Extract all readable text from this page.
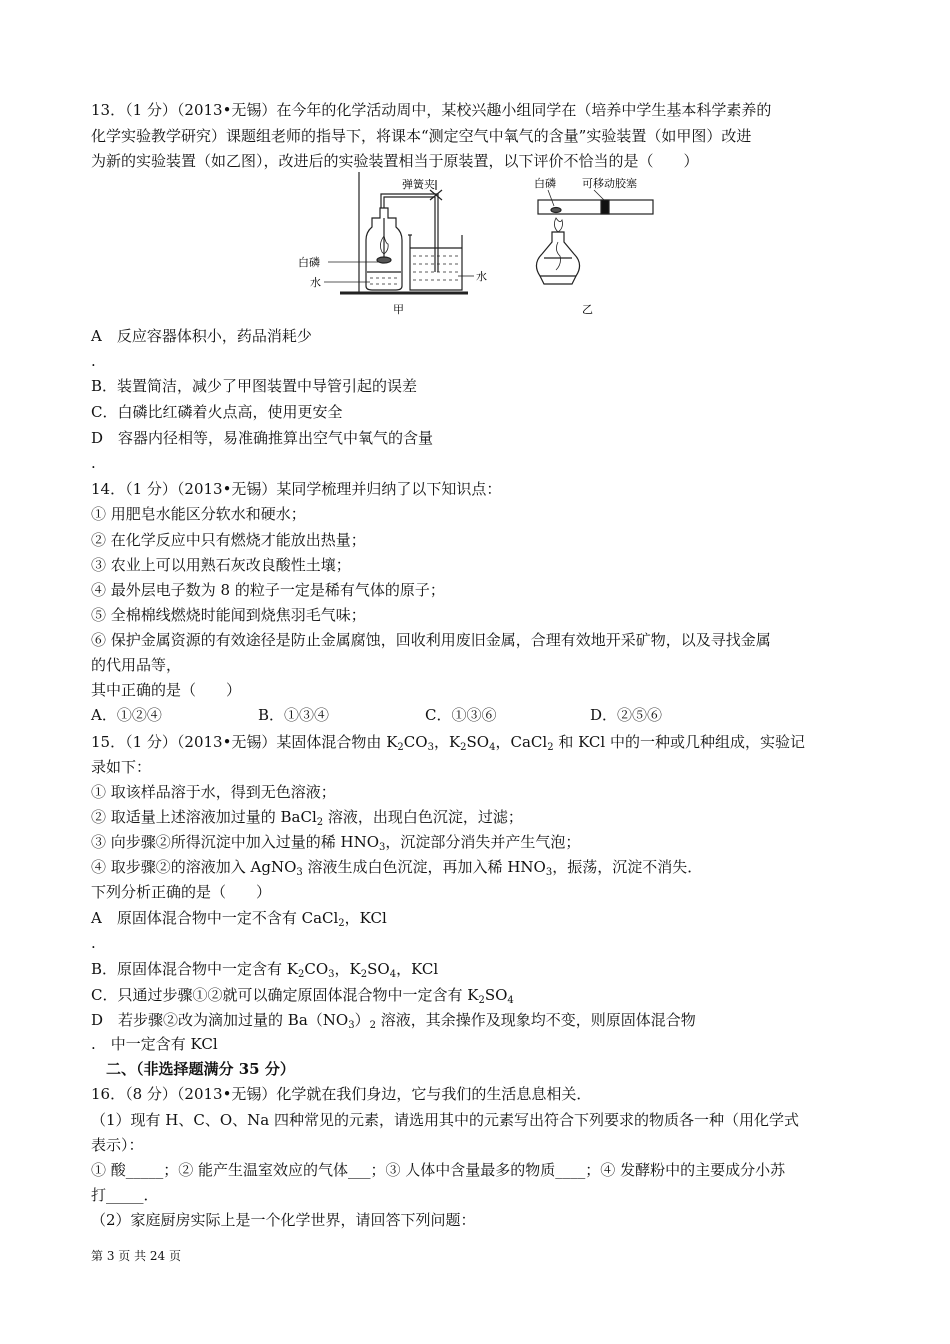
13．（1 分）（2013•无锡）在今年的化学活动周中，某校兴趣小组同学在（培养中学生基本科学素养的
化学实验教学研究）课题组老师的指导下，将课本“测定空气中氧气的含量”实验装置（如甲图）改进
为新的实验装置（如乙图），改进后的实验装置相当于原装置，以下评价不恰当的是（　　）
弹簧夹
白磷
水	水
甲
白磷 可移动胶塞
乙
A　反应容器体积小，药品消耗少
.
B．装置简洁，减少了甲图装置中导管引起的误差
C．白磷比红磷着火点高，使用更安全
D　容器内径相等，易准确推算出空气中氧气的含量
.
14．（1 分）（2013•无锡）某同学梳理并归纳了以下知识点：
① 用肥皂水能区分软水和硬水；
② 在化学反应中只有燃烧才能放出热量；
③ 农业上可以用熟石灰改良酸性土壤；
④ 最外层电子数为 8 的粒子一定是稀有气体的原子；
⑤ 全棉棉线燃烧时能闻到烧焦羽毛气味；
⑥ 保护金属资源的有效途径是防止金属腐蚀，回收利用废旧金属，合理有效地开采矿物，以及寻找金属
的代用品等，
其中正确的是（　　）
A．①②④	B．①③④	C．①③⑥	D．②⑤⑥
15．（1 分）（2013•无锡）某固体混合物由 $K_2CO_3$，$K_2SO_4$，CaCl$_2$ 和 KCl 中的一种或几种组成，实验记
录如下：
① 取该样品溶于水，得到无色溶液；
② 取适量上述溶液加过量的 BaCl$_2$ 溶液，出现白色沉淀，过滤；
③ 向步骤②所得沉淀中加入过量的稀 $HNO_3$，沉淀部分消失并产生气泡；
④ 取步骤②的溶液加入 AgNO$_3$ 溶液生成白色沉淀，再加入稀 $HNO_3$，振荡，沉淀不消失．
下列分析正确的是（　　）
A　原固体混合物中一定不含有 CaCl$_2$，KCl
.
B．原固体混合物中一定含有 $K_2CO_3$，$K_2SO_4$，KCl
C．只通过步骤①②就可以确定原固体混合物中一定含有 $K_2SO_4$
D　若步骤②改为滴加过量的 $Ba(NO_3)_2$ 溶液，其余操作及现象均不变，则原固体混合物
.　中一定含有 KCl
　二、（非选择题满分 35 分）
16．（8 分）（2013•无锡）化学就在我们身边，它与我们的生活息息相关．
（1）现有 H、C、O、Na 四种常见的元素，请选用其中的元素写出符合下列要求的物质各一种（用化学式
表示）：
① 酸_____；② 能产生温室效应的气体___；③ 人体中含量最多的物质____；④ 发酵粉中的主要成分小苏
打_____．
（2）家庭厨房实际上是一个化学世界，请回答下列问题：
第 3 页 共 24 页
